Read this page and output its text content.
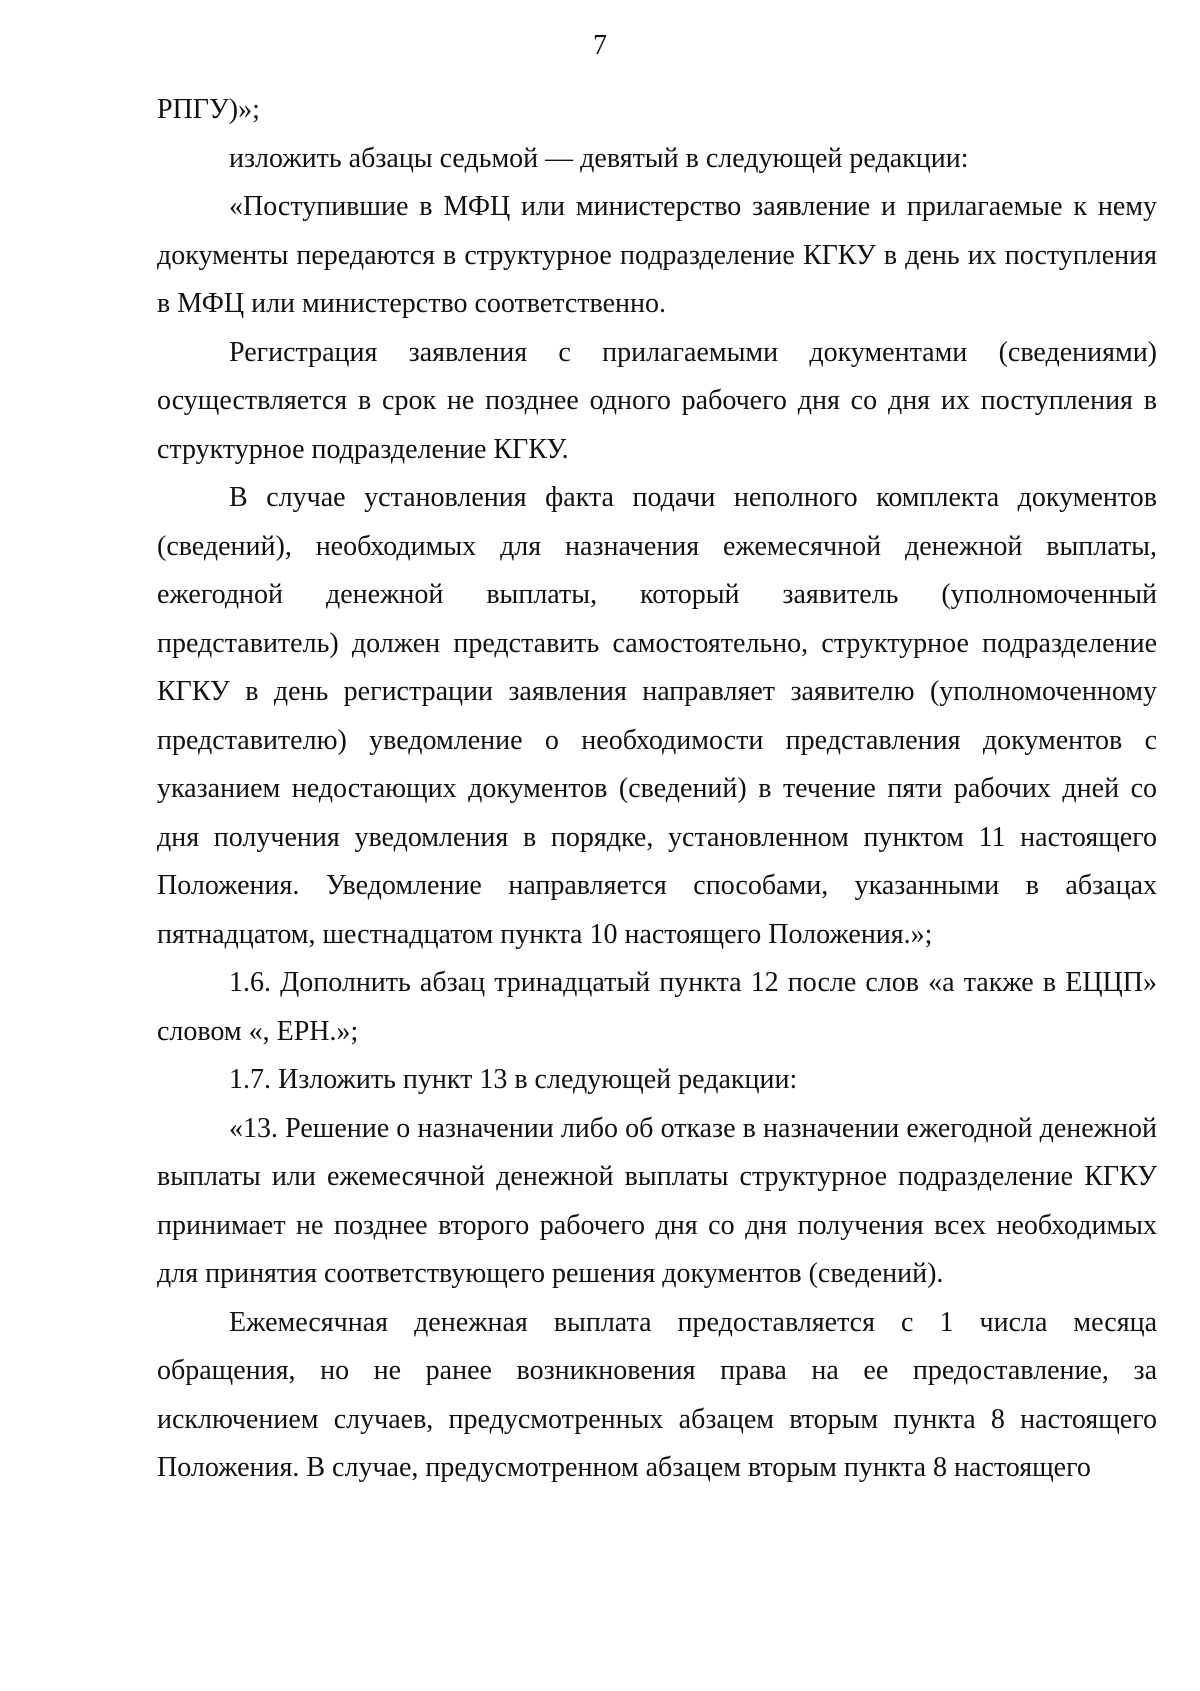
7

РПГУ)»;

изложить абзацы седьмой — девятый в следующей редакции:

«Поступившие в МФЦ или министерство заявление и прилагаемые к нему документы передаются в структурное подразделение КГКУ в день их поступления в МФЦ или министерство соответственно.

Регистрация заявления с прилагаемыми документами (сведениями) осуществляется в срок не позднее одного рабочего дня со дня их поступления в структурное подразделение КГКУ.

В случае установления факта подачи неполного комплекта документов (сведений), необходимых для назначения ежемесячной денежной выплаты, ежегодной денежной выплаты, который заявитель (уполномоченный представитель) должен представить самостоятельно, структурное подразделение КГКУ в день регистрации заявления направляет заявителю (уполномоченному представителю) уведомление о необходимости представления документов с указанием недостающих документов (сведений) в течение пяти рабочих дней со дня получения уведомления в порядке, установленном пунктом 11 настоящего Положения. Уведомление направляется способами, указанными в абзацах пятнадцатом, шестнадцатом пункта 10 настоящего Положения.»;

1.6. Дополнить абзац тринадцатый пункта 12 после слов «а также в ЕЦЦП» словом «, ЕРН.»;

1.7. Изложить пункт 13 в следующей редакции:

«13. Решение о назначении либо об отказе в назначении ежегодной денежной выплаты или ежемесячной денежной выплаты структурное подразделение КГКУ принимает не позднее второго рабочего дня со дня получения всех необходимых для принятия соответствующего решения документов (сведений).

Ежемесячная денежная выплата предоставляется с 1 числа месяца обращения, но не ранее возникновения права на ее предоставление, за исключением случаев, предусмотренных абзацем вторым пункта 8 настоящего Положения. В случае, предусмотренном абзацем вторым пункта 8 настоящего
